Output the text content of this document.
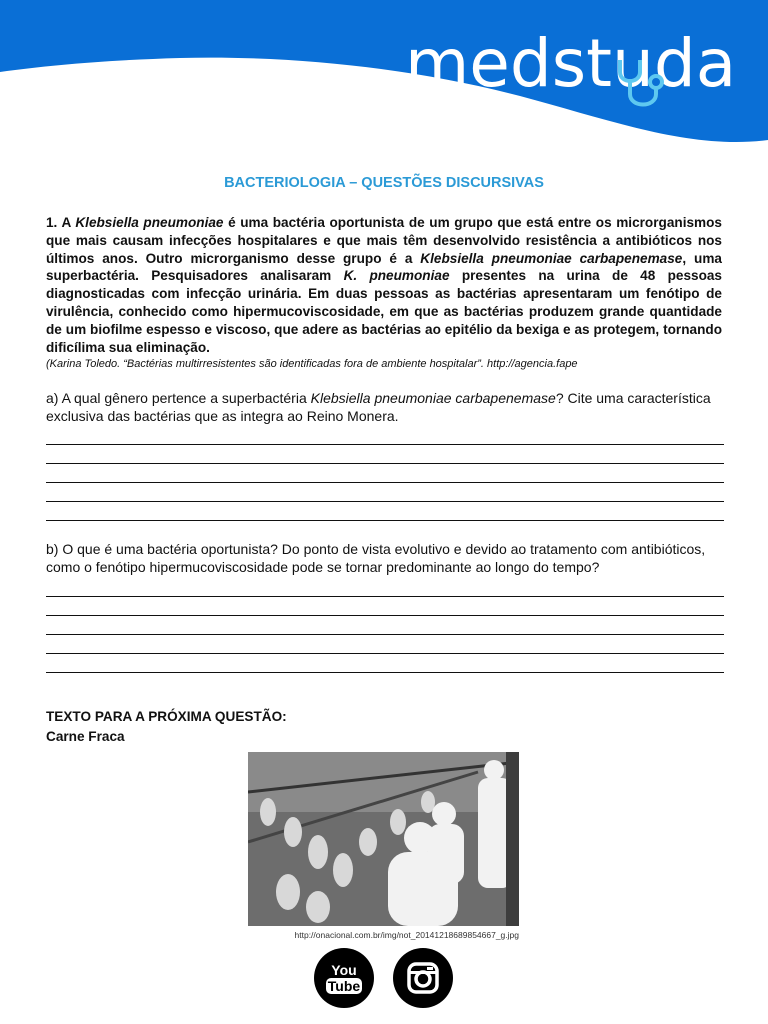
medstuda
BACTERIOLOGIA – QUESTÕES DISCURSIVAS
1. A Klebsiella pneumoniae é uma bactéria oportunista de um grupo que está entre os microrganismos que mais causam infecções hospitalares e que mais têm desenvolvido resistência a antibióticos nos últimos anos. Outro microrganismo desse grupo é a Klebsiella pneumoniae carbapenemase, uma superbactéria. Pesquisadores analisaram K. pneumoniae presentes na urina de 48 pessoas diagnosticadas com infecção urinária. Em duas pessoas as bactérias apresentaram um fenótipo de virulência, conhecido como hipermucoviscosidade, em que as bactérias produzem grande quantidade de um biofilme espesso e viscoso, que adere as bactérias ao epitélio da bexiga e as protegem, tornando dificílima sua eliminação.
(Karina Toledo. “Bactérias multirresistentes são identificadas fora de ambiente hospitalar”. http://agencia.fape
a) A qual gênero pertence a superbactéria Klebsiella pneumoniae carbapenemase? Cite uma característica exclusiva das bactérias que as integra ao Reino Monera.
b) O que é uma bactéria oportunista? Do ponto de vista evolutivo e devido ao tratamento com antibióticos, como o fenótipo hipermucoviscosidade pode se tornar predominante ao longo do tempo?
TEXTO PARA A PRÓXIMA QUESTÃO:
Carne Fraca
http://onacional.com.br/img/not_20141218689854667_g.jpg
You
Tube
